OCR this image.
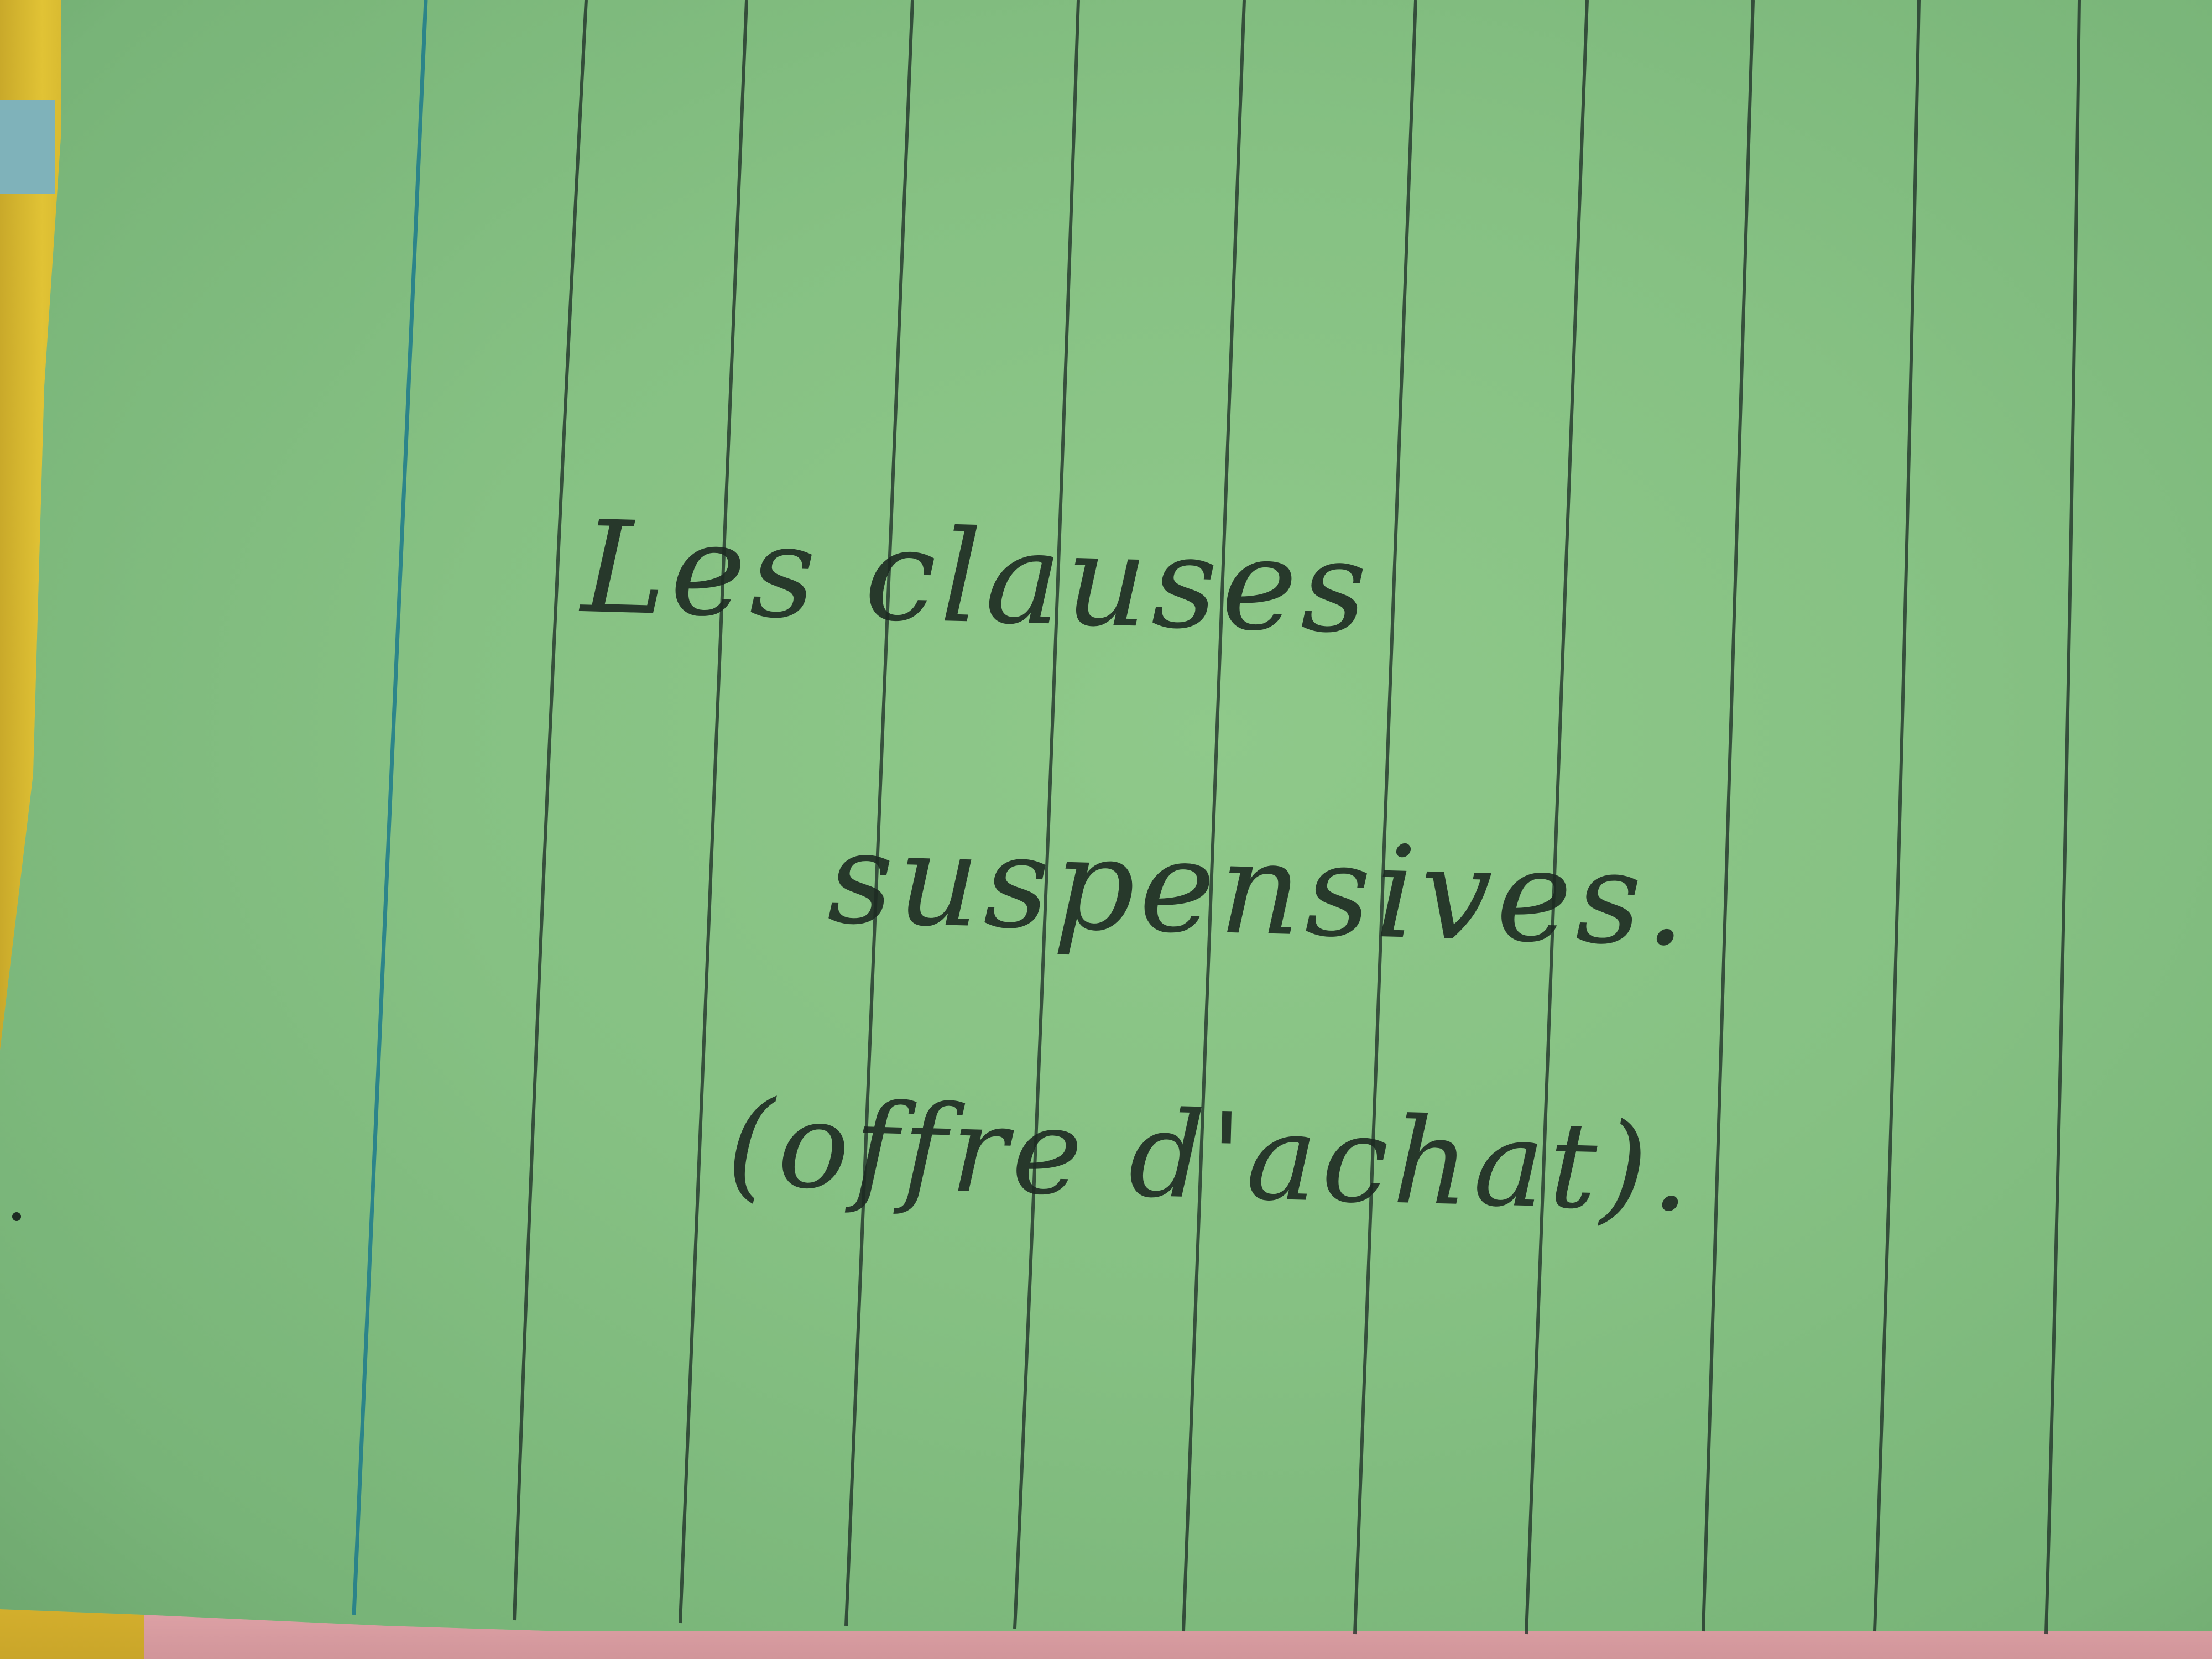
Les clauses
suspensives.
(offre d'achat).
